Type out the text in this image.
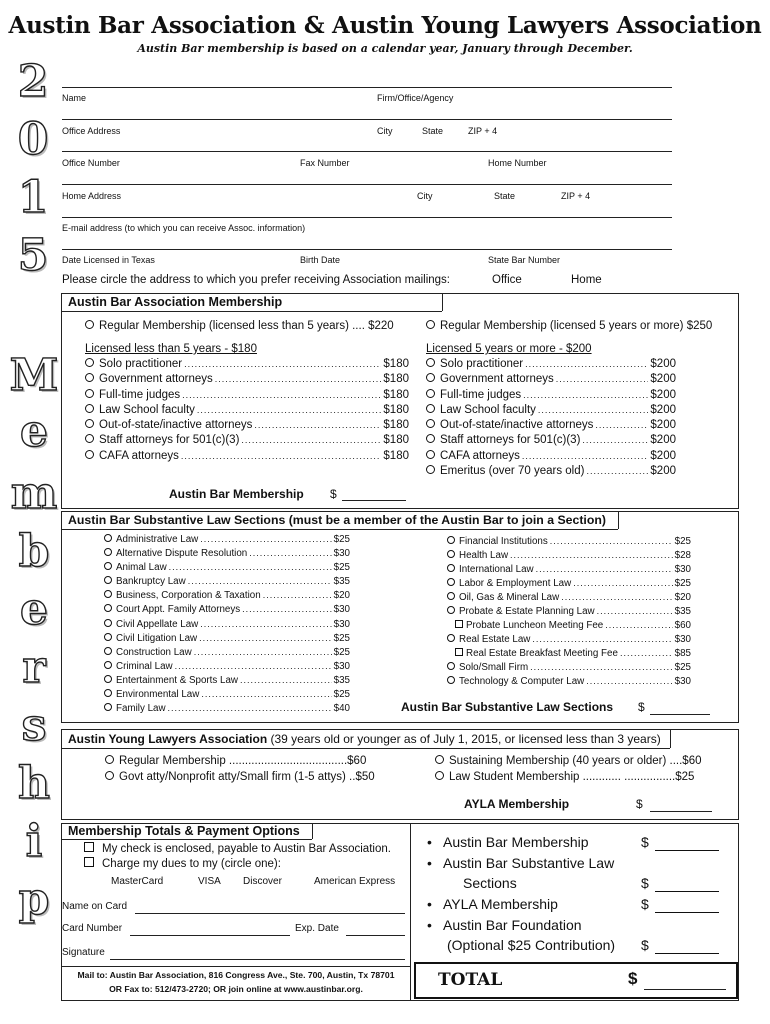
Austin Bar Association & Austin Young Lawyers Association
Austin Bar membership is based on a calendar year, January through December.
2
0
1
5
M
e
m
b
e
r
s
h
i
p
Name	Firm/Office/Agency
Office Address	City	State	ZIP + 4
Office Number	Fax Number	Home Number
Home Address	City	State	ZIP + 4
E-mail address (to which you can receive Assoc. information)
Date Licensed in Texas	Birth Date	State Bar Number
Please circle the address to which you prefer receiving Association mailings:	Office	Home
Austin Bar Association Membership
Regular Membership (licensed less than 5 years) .... $220	Regular Membership (licensed 5 years or more) $250
Licensed less than 5 years - $180	Licensed 5 years or more - $200
Solo practitioner .....	$180
Government attorneys .....	$180
Full-time judges .....	$180
Law School faculty .....	$180
Out-of-state/inactive attorneys .....	$180
Staff attorneys for 501(c)(3) .....	$180
CAFA attorneys .....	$180
Solo practitioner .....	$200
Government attorneys .....	$200
Full-time judges .....	$200
Law School faculty .....	$200
Out-of-state/inactive attorneys .....	$200
Staff attorneys for 501(c)(3) .....	$200
CAFA attorneys .....	$200
Emeritus (over 70 years old) .....	$200
Austin Bar Membership $
Austin Bar Substantive Law Sections (must be a member of the Austin Bar to join a Section)
Administrative Law .....	$25
Alternative Dispute Resolution .....	$30
Animal Law .....	$25
Bankruptcy Law .....	$35
Business, Corporation & Taxation .....	$20
Court Appt. Family Attorneys .....	$30
Civil Appellate Law .....	$30
Civil Litigation Law .....	$25
Construction Law .....	$25
Criminal Law .....	$30
Entertainment & Sports Law .....	$35
Environmental Law .....	$25
Family Law .....	$40
Financial Institutions .....	$25
Health Law .....	$28
International Law .....	$30
Labor & Employment Law .....	$25
Oil, Gas & Mineral Law .....	$20
Probate & Estate Planning Law .....	$35
Probate Luncheon Meeting Fee .....	$60
Real Estate Law .....	$30
Real Estate Breakfast Meeting Fee .....	$85
Solo/Small Firm .....	$25
Technology & Computer Law .....	$30
Austin Bar Substantive Law Sections $
Austin Young Lawyers Association (39 years old or younger as of July 1, 2015, or licensed less than 3 years)
Regular Membership .....................................$60
Govt atty/Nonprofit atty/Small firm (1-5 attys) ..$50
Sustaining Membership (40 years or older) ....$60
Law Student Membership ............ ................$25
AYLA Membership	$
Membership Totals & Payment Options
My check is enclosed, payable to Austin Bar Association.
Charge my dues to my (circle one):
MasterCard	VISA Discover	American Express
Name on Card
Card Number	Exp. Date
Signature
Mail to: Austin Bar Association, 816 Congress Ave., Ste. 700, Austin, Tx 78701
OR Fax to: 512/473-2720; OR join online at www.austinbar.org.
• Austin Bar Membership	$
• Austin Bar Substantive Law
Sections	$
• AYLA Membership	$
• Austin Bar Foundation
(Optional $25 Contribution) $
TOTAL	$
